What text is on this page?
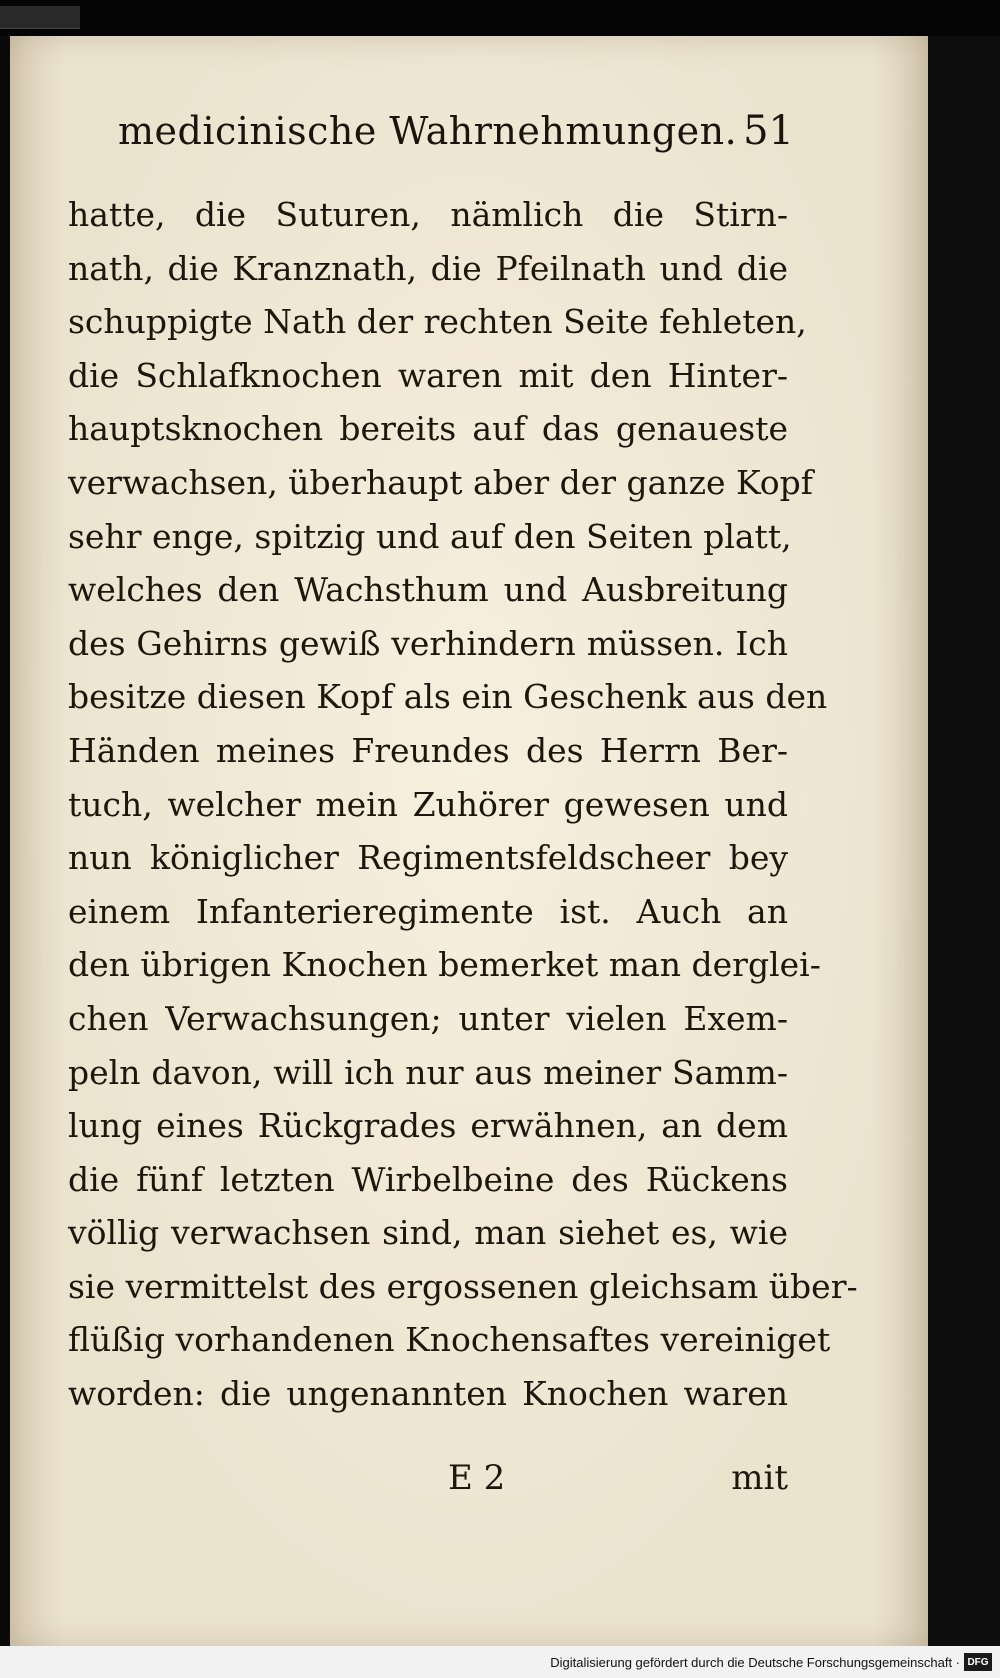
medicinische Wahrnehmungen. 51
hatte, die Suturen, nämlich die Stirn-
nath, die Kranznath, die Pfeilnath und die
schuppigte Nath der rechten Seite fehleten,
die Schlafknochen waren mit den Hinter-
hauptsknochen bereits auf das genaueste
verwachsen, überhaupt aber der ganze Kopf
sehr enge, spitzig und auf den Seiten platt,
welches den Wachsthum und Ausbreitung
des Gehirns gewiß verhindern müssen. Ich
besitze diesen Kopf als ein Geschenk aus den
Händen meines Freundes des Herrn Ber-
tuch, welcher mein Zuhörer gewesen und
nun königlicher Regimentsfeldscheer bey
einem Infanterieregimente ist. Auch an
den übrigen Knochen bemerket man derglei-
chen Verwachsungen; unter vielen Exem-
peln davon, will ich nur aus meiner Samm-
lung eines Rückgrades erwähnen, an dem
die fünf letzten Wirbelbeine des Rückens
völlig verwachsen sind, man siehet es, wie
sie vermittelst des ergossenen gleichsam über-
flüßig vorhandenen Knochensaftes vereiniget
worden: die ungenannten Knochen waren
E 2	mit
Digitalisierung gefördert durch die Deutsche Forschungsgemeinschaft · DFG
